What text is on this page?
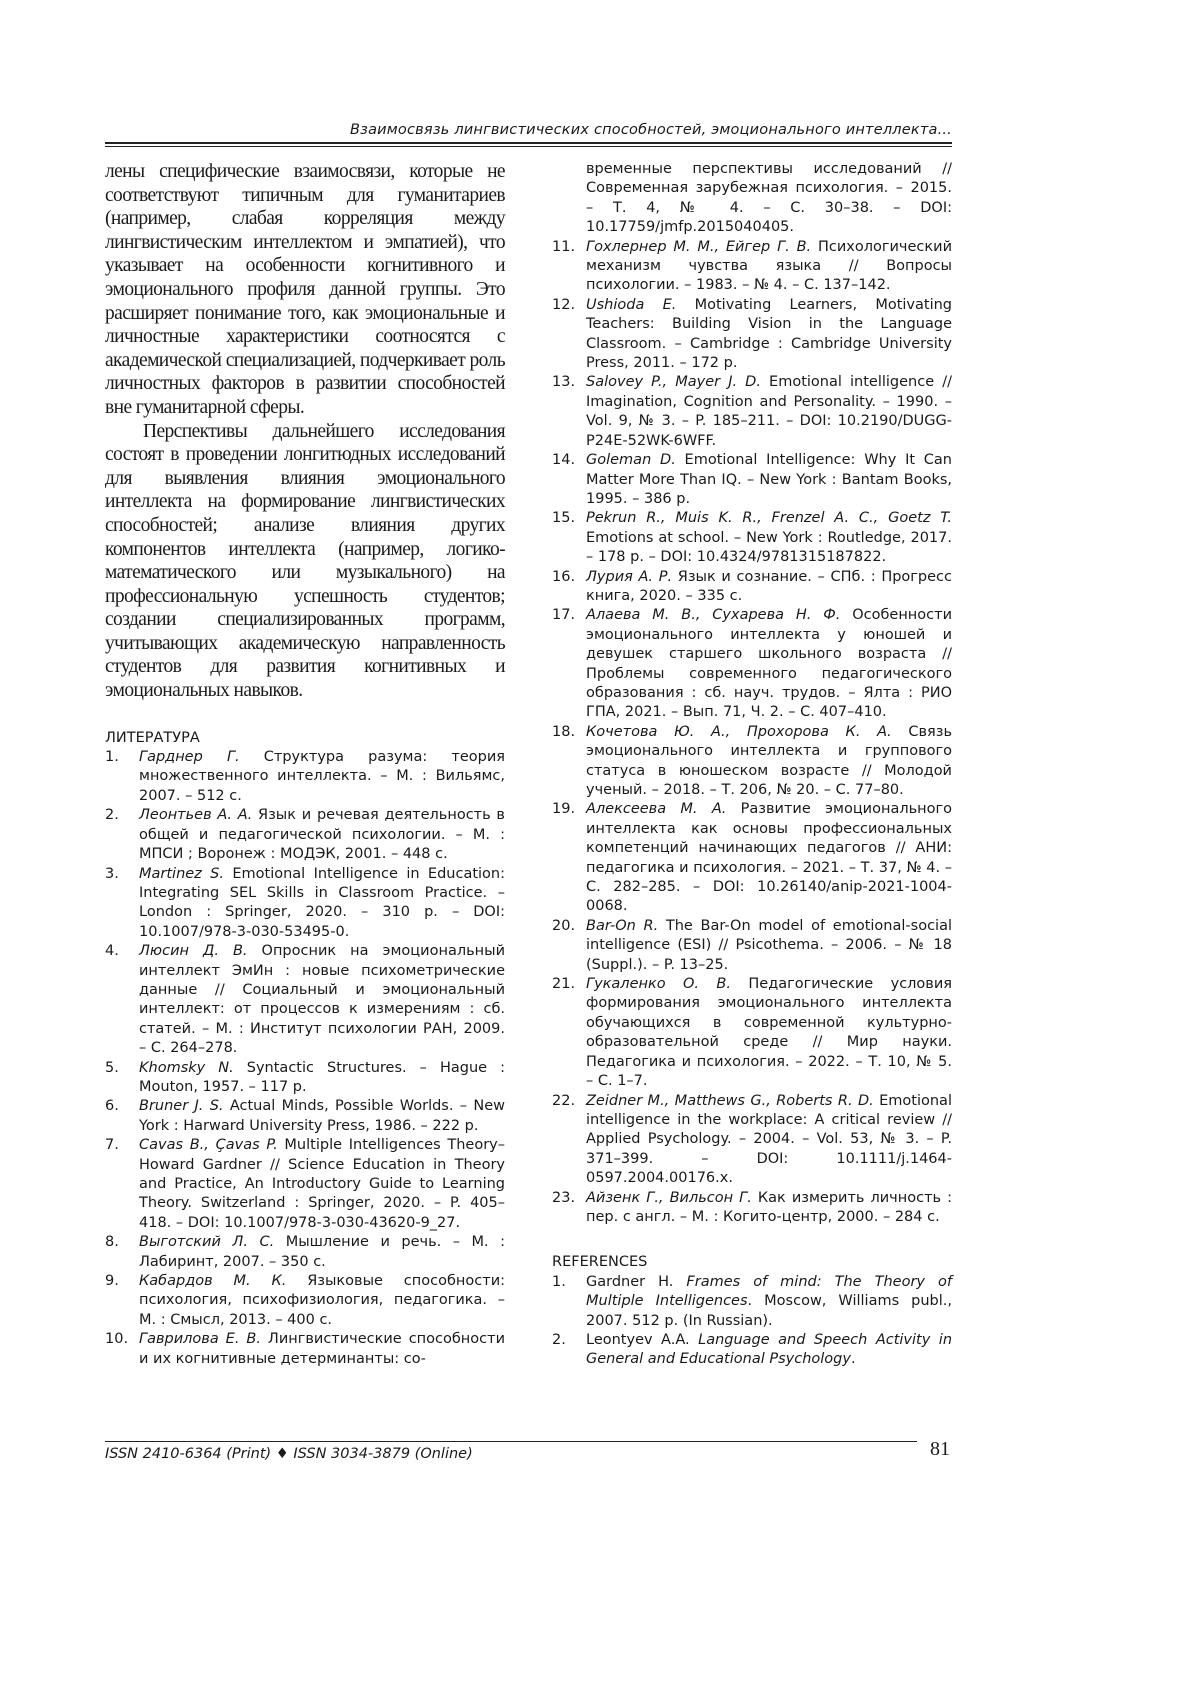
Взаимосвязь лингвистических способностей, эмоционального интеллекта...

лены специфические взаимосвязи, которые не соответствуют типичным для гуманитариев (например, слабая корреляция между лингвистическим интеллектом и эмпатией), что указывает на особенности когнитивного и эмоционального профиля данной группы. Это расширяет понимание того, как эмоциональные и личностные характеристики соотносятся с академической специализацией, подчеркивает роль личностных факторов в развитии способностей вне гуманитарной сферы.

Перспективы дальнейшего исследования состоят в проведении лонгитюдных исследований для выявления влияния эмоционального интеллекта на формирование лингвистических способностей; анализе влияния других компонентов интеллекта (например, логико-математического или музыкального) на профессиональную успешность студентов; создании специализированных программ, учитывающих академическую направленность студентов для развития когнитивных и эмоциональных навыков.

ЛИТЕРАТУРА
1. Гарднер Г. Структура разума: теория множественного интеллекта. – М. : Вильямс, 2007. – 512 с.
2. Леонтьев А. А. Язык и речевая деятельность в общей и педагогической психологии. – М. : МПСИ ; Воронеж : МОДЭК, 2001. – 448 с.
3. Martinez S. Emotional Intelligence in Education: Integrating SEL Skills in Classroom Practice. – London : Springer, 2020. – 310 p. – DOI: 10.1007/978-3-030-53495-0.
4. Люсин Д. В. Опросник на эмоциональный интеллект ЭмИн : новые психометрические данные // Социальный и эмоциональный интеллект: от процессов к измерениям : сб. статей. – М. : Институт психологии РАН, 2009. – С. 264–278.
5. Khomsky N. Syntactic Structures. – Hague : Mouton, 1957. – 117 p.
6. Bruner J. S. Actual Minds, Possible Worlds. – New York : Harward University Press, 1986. – 222 p.
7. Cavas B., Çavas P. Multiple Intelligences Theory–Howard Gardner // Science Education in Theory and Practice, An Introductory Guide to Learning Theory. Switzerland : Springer, 2020. – P. 405–418. – DOI: 10.1007/978-3-030-43620-9_27.
8. Выготский Л. С. Мышление и речь. – М. : Лабиринт, 2007. – 350 с.
9. Кабардов М. К. Языковые способности: психология, психофизиология, педагогика. – М. : Смысл, 2013. – 400 с.
10. Гаврилова Е. В. Лингвистические способности и их когнитивные детерминанты: со-
временные перспективы исследований // Современная зарубежная психология. – 2015. – Т. 4, № 4. – С. 30–38. – DOI: 10.17759/jmfp.2015040405.
11. Гохлернер М. М., Ейгер Г. В. Психологический механизм чувства языка // Вопросы психологии. – 1983. – № 4. – С. 137–142.
12. Ushioda E. Motivating Learners, Motivating Teachers: Building Vision in the Language Classroom. – Cambridge : Cambridge University Press, 2011. – 172 p.
13. Salovey P., Mayer J. D. Emotional intelligence // Imagination, Cognition and Personality. – 1990. – Vol. 9, № 3. – P. 185–211. – DOI: 10.2190/DUGG-P24E-52WK-6WFF.
14. Goleman D. Emotional Intelligence: Why It Can Matter More Than IQ. – New York : Bantam Books, 1995. – 386 p.
15. Pekrun R., Muis K. R., Frenzel A. C., Goetz T. Emotions at school. – New York : Routledge, 2017. – 178 p. – DOI: 10.4324/9781315187822.
16. Лурия А. Р. Язык и сознание. – СПб. : Прогресс книга, 2020. – 335 с.
17. Алаева М. В., Сухарева Н. Ф. Особенности эмоционального интеллекта у юношей и девушек старшего школьного возраста // Проблемы современного педагогического образования : сб. науч. трудов. – Ялта : РИО ГПА, 2021. – Вып. 71, Ч. 2. – С. 407–410.
18. Кочетова Ю. А., Прохорова К. А. Связь эмоционального интеллекта и группового статуса в юношеском возрасте // Молодой ученый. – 2018. – Т. 206, № 20. – С. 77–80.
19. Алексеева М. А. Развитие эмоционального интеллекта как основы профессиональных компетенций начинающих педагогов // АНИ: педагогика и психология. – 2021. – Т. 37, № 4. – С. 282–285. – DOI: 10.26140/anip-2021-1004-0068.
20. Bar-On R. The Bar-On model of emotional-social intelligence (ESI) // Psicothema. – 2006. – № 18 (Suppl.). – P. 13–25.
21. Гукаленко О. В. Педагогические условия формирования эмоционального интеллекта обучающихся в современной культурно-образовательной среде // Мир науки. Педагогика и психология. – 2022. – Т. 10, № 5. – С. 1–7.
22. Zeidner M., Matthews G., Roberts R. D. Emotional intelligence in the workplace: A critical review // Applied Psychology. – 2004. – Vol. 53, № 3. – P. 371–399. – DOI: 10.1111/j.1464-0597.2004.00176.x.
23. Айзенк Г., Вильсон Г. Как измерить личность : пер. с англ. – М. : Когито-центр, 2000. – 284 с.
REFERENCES
1. Gardner H. Frames of mind: The Theory of Multiple Intelligences. Moscow, Williams publ., 2007. 512 p. (In Russian).
2. Leontyev A.A. Language and Speech Activity in General and Educational Psychology.
ISSN 2410-6364 (Print) ♦ ISSN 3034-3879 (Online)	81
